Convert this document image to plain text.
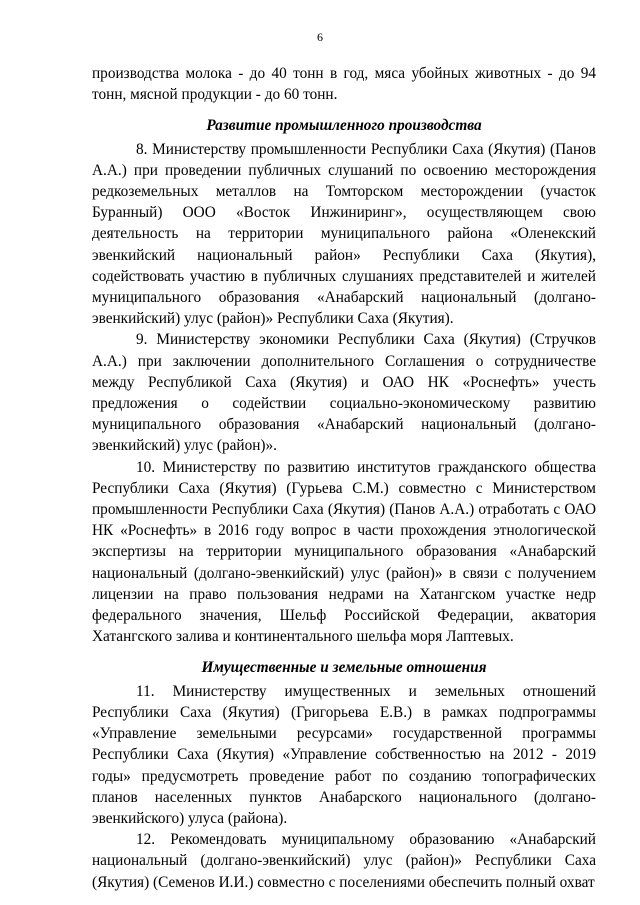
6

производства молока - до 40 тонн в год, мяса убойных животных - до 94 тонн, мясной продукции - до 60 тонн.

Развитие промышленного производства

8. Министерству промышленности Республики Саха (Якутия) (Панов А.А.) при проведении публичных слушаний по освоению месторождения редкоземельных металлов на Томторском месторождении (участок Буранный) ООО «Восток Инжиниринг», осуществляющем свою деятельность на территории муниципального района «Оленекский эвенкийский национальный район» Республики Саха (Якутия), содействовать участию в публичных слушаниях представителей и жителей муниципального образования «Анабарский национальный (долгано-эвенкийский) улус (район)» Республики Саха (Якутия).

9. Министерству экономики Республики Саха (Якутия) (Стручков А.А.) при заключении дополнительного Соглашения о сотрудничестве между Республикой Саха (Якутия) и ОАО НК «Роснефть» учесть предложения о содействии социально-экономическому развитию муниципального образования «Анабарский национальный (долгано-эвенкийский) улус (район)».

10. Министерству по развитию институтов гражданского общества Республики Саха (Якутия) (Гурьева С.М.) совместно с Министерством промышленности Республики Саха (Якутия) (Панов А.А.) отработать с ОАО НК «Роснефть» в 2016 году вопрос в части прохождения этнологической экспертизы на территории муниципального образования «Анабарский национальный (долгано-эвенкийский) улус (район)» в связи с получением лицензии на право пользования недрами на Хатангском участке недр федерального значения, Шельф Российской Федерации, акватория Хатангского залива и континентального шельфа моря Лаптевых.

Имущественные и земельные отношения

11. Министерству имущественных и земельных отношений Республики Саха (Якутия) (Григорьева Е.В.) в рамках подпрограммы «Управление земельными ресурсами» государственной программы Республики Саха (Якутия) «Управление собственностью на 2012 - 2019 годы» предусмотреть проведение работ по созданию топографических планов населенных пунктов Анабарского национального (долгано-эвенкийского) улуса (района).

12. Рекомендовать муниципальному образованию «Анабарский национальный (долгано-эвенкийский) улус (район)» Республики Саха (Якутия) (Семенов И.И.) совместно с поселениями обеспечить полный охват
